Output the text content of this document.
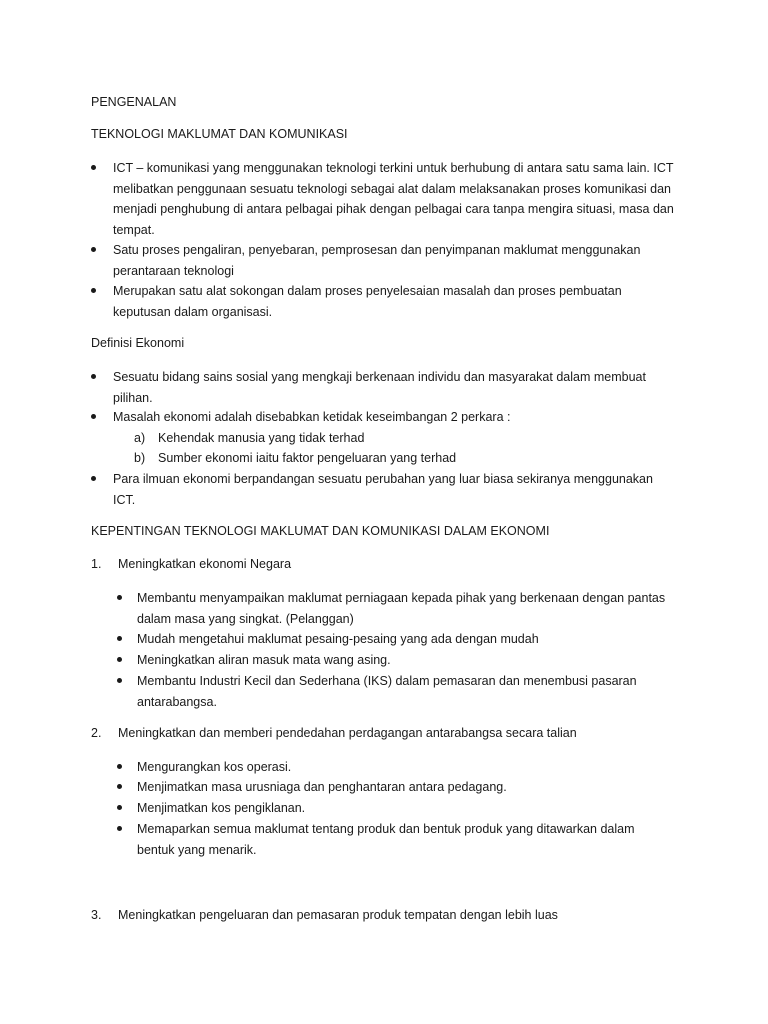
PENGENALAN
TEKNOLOGI MAKLUMAT DAN KOMUNIKASI
ICT – komunikasi yang menggunakan teknologi terkini untuk berhubung di antara satu sama lain. ICT
melibatkan penggunaan sesuatu teknologi sebagai alat dalam melaksanakan proses komunikasi dan
menjadi penghubung di antara pelbagai pihak dengan pelbagai cara tanpa mengira situasi, masa dan
tempat.
Satu proses pengaliran, penyebaran, pemprosesan dan penyimpanan maklumat menggunakan
perantaraan teknologi
Merupakan satu alat sokongan dalam proses penyelesaian masalah dan proses pembuatan
keputusan dalam organisasi.
Definisi Ekonomi
Sesuatu bidang sains sosial yang mengkaji berkenaan individu dan masyarakat dalam membuat
pilihan.
Masalah ekonomi adalah disebabkan ketidak keseimbangan 2 perkara :
a) Kehendak manusia yang tidak terhad
b) Sumber ekonomi iaitu faktor pengeluaran yang terhad
Para ilmuan ekonomi berpandangan sesuatu perubahan yang luar biasa sekiranya menggunakan
ICT.
KEPENTINGAN TEKNOLOGI MAKLUMAT DAN KOMUNIKASI DALAM EKONOMI
1. Meningkatkan ekonomi Negara
Membantu menyampaikan maklumat perniagaan kepada pihak yang berkenaan dengan pantas
dalam masa yang singkat. (Pelanggan)
Mudah mengetahui maklumat pesaing-pesaing yang ada dengan mudah
Meningkatkan aliran masuk mata wang asing.
Membantu Industri Kecil dan Sederhana (IKS) dalam pemasaran dan menembusi pasaran
antarabangsa.
2. Meningkatkan dan memberi pendedahan perdagangan antarabangsa secara talian
Mengurangkan kos operasi.
Menjimatkan masa urusniaga dan penghantaran antara pedagang.
Menjimatkan kos pengiklanan.
Memaparkan semua maklumat tentang produk dan bentuk produk yang ditawarkan dalam
bentuk yang menarik.
3. Meningkatkan pengeluaran dan pemasaran produk tempatan dengan lebih luas
